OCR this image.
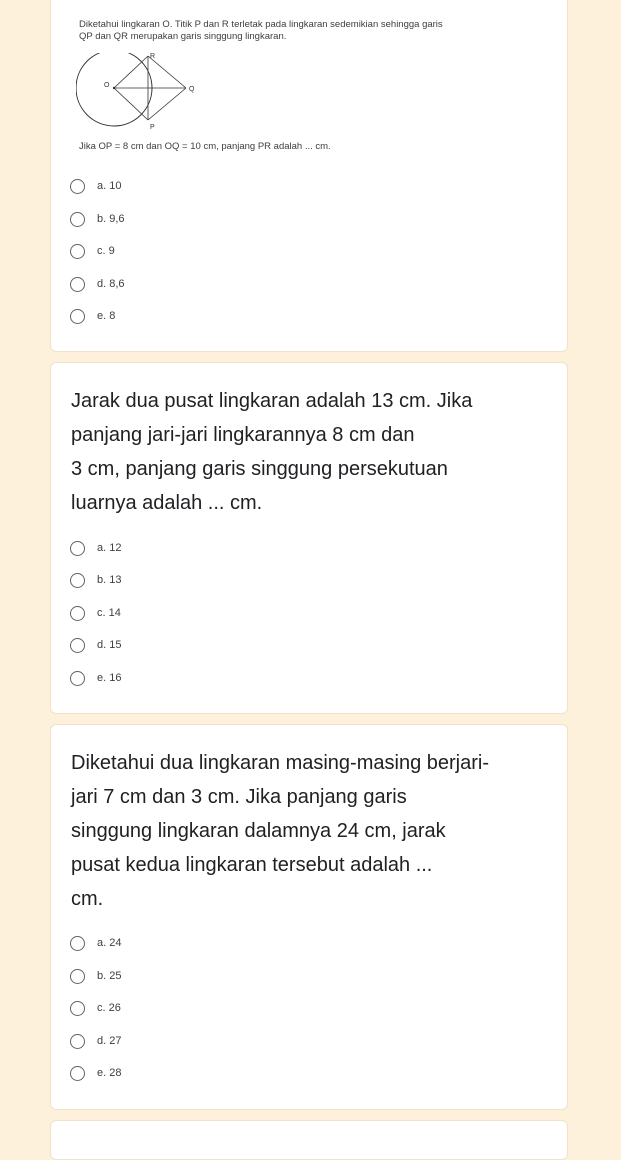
Diketahui lingkaran O. Titik P dan R terletak pada lingkaran sedemikian sehingga garis
QP dan QR merupakan garis singgung lingkaran.
O
R
Q
P
Jika OP = 8 cm dan OQ = 10 cm, panjang PR adalah ... cm.
a. 10
b. 9,6
c. 9
d. 8,6
e. 8
Jarak dua pusat lingkaran adalah 13 cm. Jika
panjang jari-jari lingkarannya 8 cm dan
3 cm, panjang garis singgung persekutuan
luarnya adalah ... cm.
a. 12
b. 13
c. 14
d. 15
e. 16
Diketahui dua lingkaran masing-masing berjari-
jari 7 cm dan 3 cm. Jika panjang garis
singgung lingkaran dalamnya 24 cm, jarak
pusat kedua lingkaran tersebut adalah ...
cm.
a. 24
b. 25
c. 26
d. 27
e. 28
